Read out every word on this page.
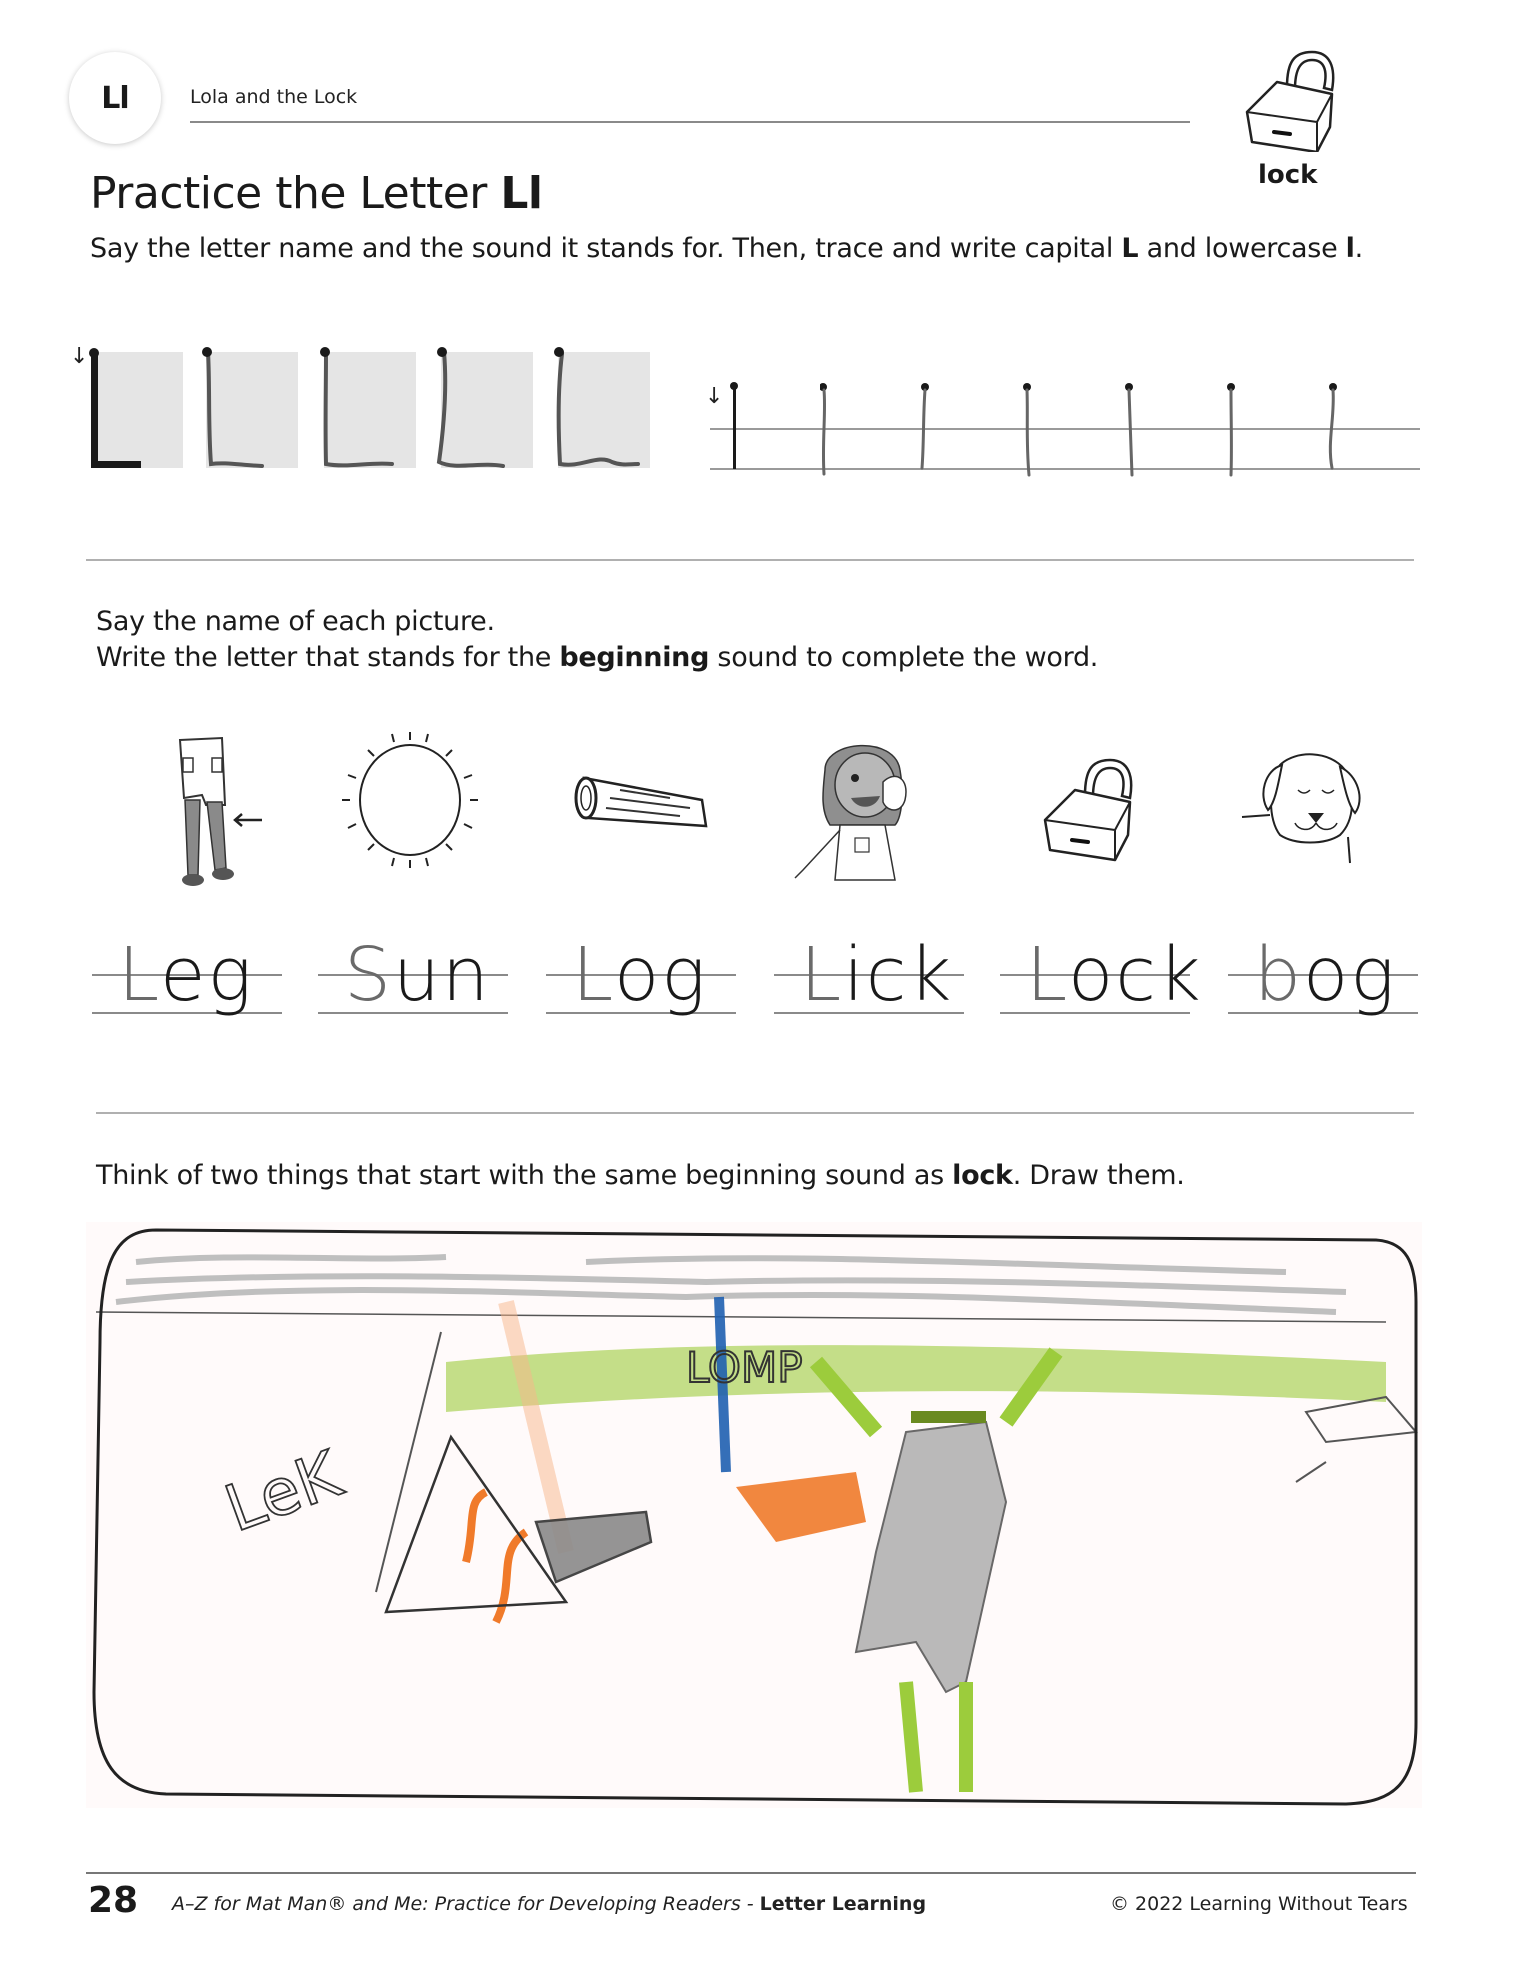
Ll	Lola and the Lock
lock
Practice the Letter Ll
Say the letter name and the sound it stands for. Then, trace and write capital L and lowercase l.
↓
↓
Say the name of each picture.
Write the letter that stands for the beginning sound to complete the word.
Leg Sun Log Lick Lock bog
Think of two things that start with the same beginning sound as lock. Draw them.
LeK
LOMP
28 A–Z for Mat Man® and Me: Practice for Developing Readers - Letter Learning	© 2022 Learning Without Tears
